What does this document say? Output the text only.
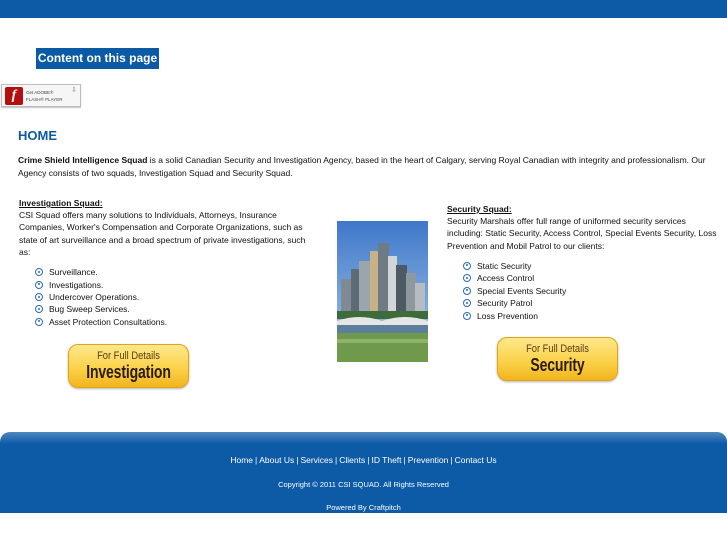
Content on this page
f	Get ADOBE®
FLASH® PLAYER
⇩
HOME

Crime Shield Intelligence Squad is a solid Canadian Security and Investigation Agency, based in the heart of Calgary, serving Royal Canadian with integrity and professionalism. Our Agency consists of two squads, Investigation Squad and Security Squad.

Investigation Squad:
CSI Squad offers many solutions to Individuals, Attorneys, Insurance Companies, Worker's Compensation and Corporate Organizations, such as state of art surveillance and a broad spectrum of private investigations, such as:
Surveillance.
Investigations.
Undercover Operations.
Bug Sweep Services.
Asset Protection Consultations.
Security Squad:
Security Marshals offer full range of uniformed security services including: Static Security, Access Control, Special Events Security, Loss Prevention and Mobil Patrol to our clients:
Static Security
Access Control
Special Events Security
Security Patrol
Loss Prevention
For Full Details
Investigation
For Full Details
Security
Home | About Us | Services | Clients | ID Theft | Prevention | Contact Us
Copyright © 2011 CSI SQUAD. All Rights Reserved
Powered By Craftpitch
